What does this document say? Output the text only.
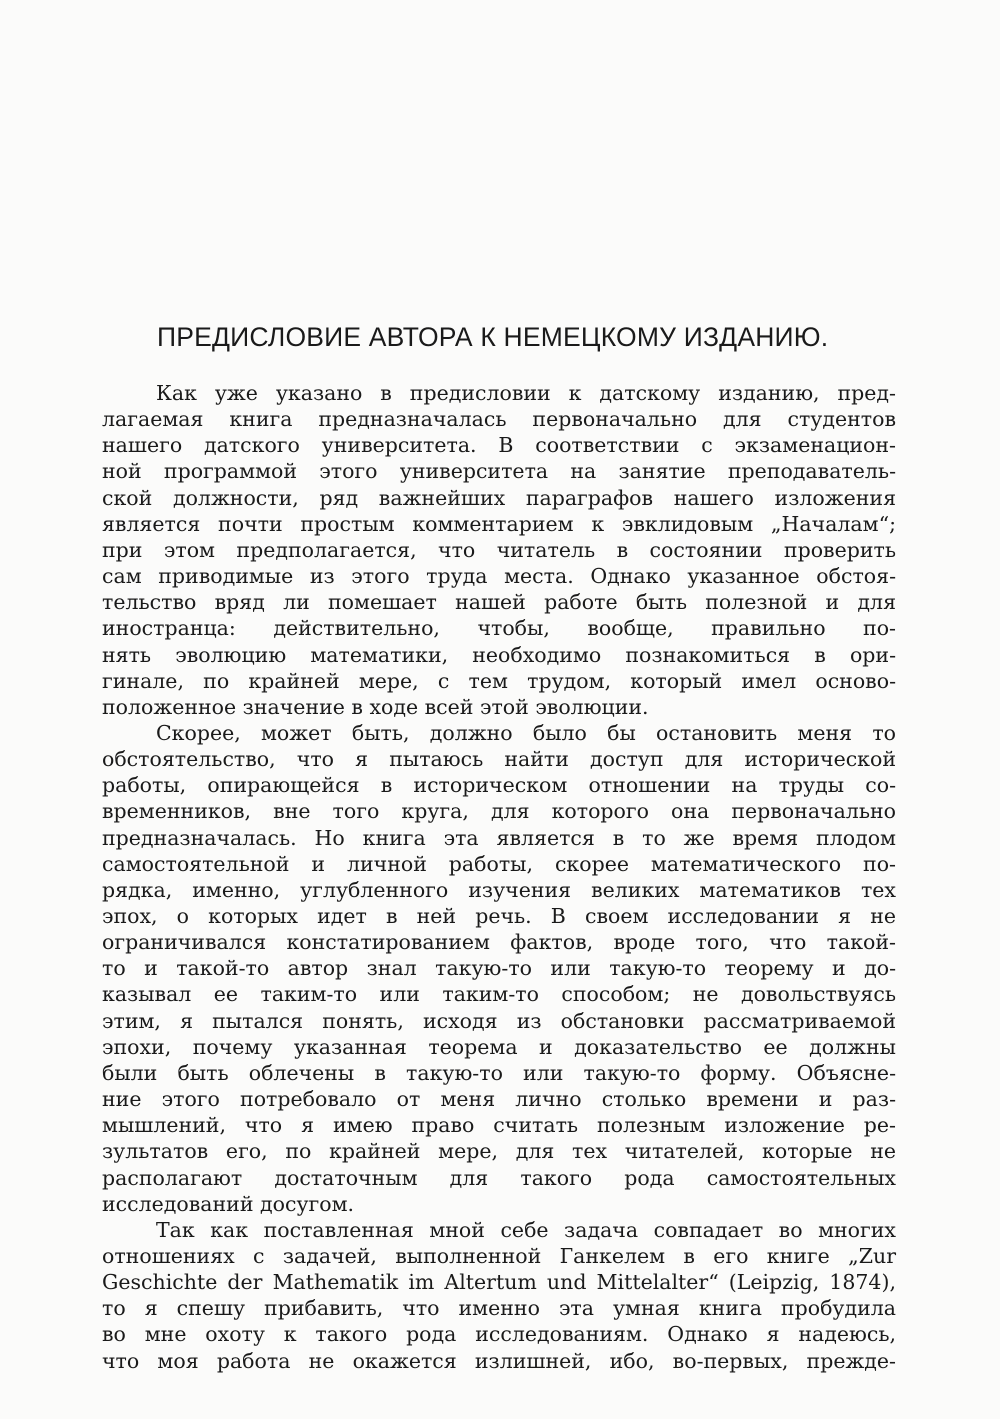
ПРЕДИСЛОВИЕ АВТОРА К НЕМЕЦКОМУ ИЗДАНИЮ.
Как уже указано в предисловии к датскому изданию, пред-
лагаемая книга предназначалась первоначально для студентов
нашего датского университета. В соответствии с экзаменацион-
ной программой этого университета на занятие преподаватель-
ской должности, ряд важнейших параграфов нашего изложения
является почти простым комментарием к эвклидовым „Началам“;
при этом предполагается, что читатель в состоянии проверить
сам приводимые из этого труда места. Однако указанное обстоя-
тельство вряд ли помешает нашей работе быть полезной и для
иностранца: действительно, чтобы, вообще, правильно по-
нять эволюцию математики, необходимо познакомиться в ори-
гинале, по крайней мере, с тем трудом, который имел осново-
положенное значение в ходе всей этой эволюции.
Скорее, может быть, должно было бы остановить меня то
обстоятельство, что я пытаюсь найти доступ для исторической
работы, опирающейся в историческом отношении на труды со-
временников, вне того круга, для которого она первоначально
предназначалась. Но книга эта является в то же время плодом
самостоятельной и личной работы, скорее математического по-
рядка, именно, углубленного изучения великих математиков тех
эпох, о которых идет в ней речь. В своем исследовании я не
ограничивался констатированием фактов, вроде того, что такой-
то и такой-то автор знал такую-то или такую-то теорему и до-
казывал ее таким-то или таким-то способом; не довольствуясь
этим, я пытался понять, исходя из обстановки рассматриваемой
эпохи, почему указанная теорема и доказательство ее должны
были быть облечены в такую-то или такую-то форму. Объясне-
ние этого потребовало от меня лично столько времени и раз-
мышлений, что я имею право считать полезным изложение ре-
зультатов его, по крайней мере, для тех читателей, которые не
располагают достаточным для такого рода самостоятельных
исследований досугом.
Так как поставленная мной себе задача совпадает во многих
отношениях с задачей, выполненной Ганкелем в его книге „Zur
Geschichte der Mathematik im Altertum und Mittelalter“ (Leipzig, 1874),
то я спешу прибавить, что именно эта умная книга пробудила
во мне охоту к такого рода исследованиям. Однако я надеюсь,
что моя работа не окажется излишней, ибо, во-первых, прежде-
